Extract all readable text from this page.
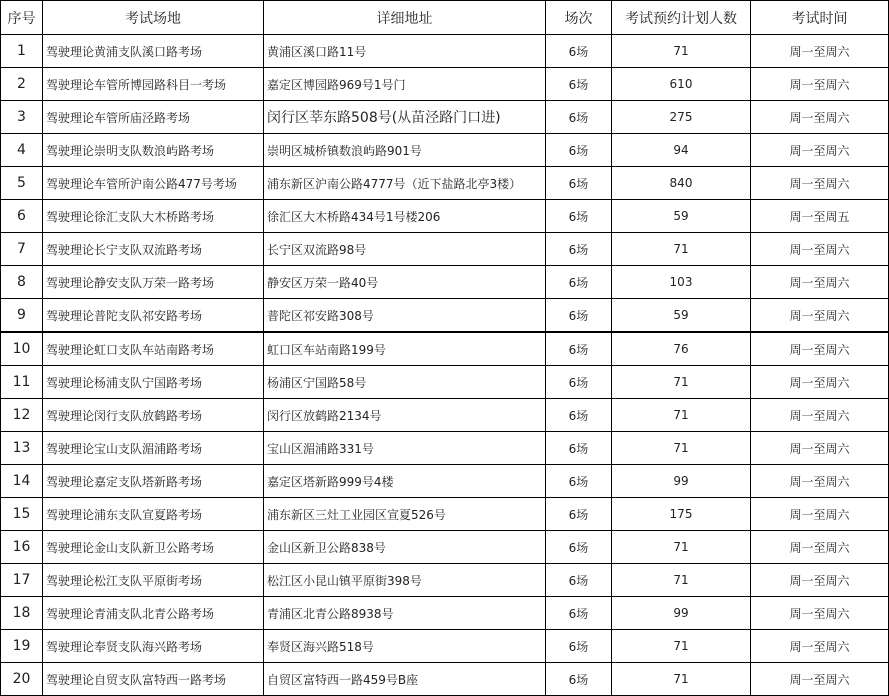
序号	考试场地	详细地址	场次	考试预约计划人数	考试时间
1	驾驶理论黄浦支队溪口路考场	黄浦区溪口路11号	6场	71	周一至周六
2	驾驶理论车管所博园路科目一考场	嘉定区博园路969号1号门	6场	610	周一至周六
3	驾驶理论车管所庙泾路考场	闵行区莘东路508号(从苗泾路门口进)	6场	275	周一至周六
4	驾驶理论崇明支队数浪屿路考场	崇明区城桥镇数浪屿路901号	6场	94	周一至周六
5	驾驶理论车管所沪南公路477号考场	浦东新区沪南公路4777号（近下盐路北亭3楼）	6场	840	周一至周六
6	驾驶理论徐汇支队大木桥路考场	徐汇区大木桥路434号1号楼206	6场	59	周一至周五
7	驾驶理论长宁支队双流路考场	长宁区双流路98号	6场	71	周一至周六
8	驾驶理论静安支队万荣一路考场	静安区万荣一路40号	6场	103	周一至周六
9	驾驶理论普陀支队祁安路考场	普陀区祁安路308号	6场	59	周一至周六
10	驾驶理论虹口支队车站南路考场	虹口区车站南路199号	6场	76	周一至周六
11	驾驶理论杨浦支队宁国路考场	杨浦区宁国路58号	6场	71	周一至周六
12	驾驶理论闵行支队放鹤路考场	闵行区放鹤路2134号	6场	71	周一至周六
13	驾驶理论宝山支队湄浦路考场	宝山区湄浦路331号	6场	71	周一至周六
14	驾驶理论嘉定支队塔新路考场	嘉定区塔新路999号4楼	6场	99	周一至周六
15	驾驶理论浦东支队宣夏路考场	浦东新区三灶工业园区宣夏526号	6场	175	周一至周六
16	驾驶理论金山支队新卫公路考场	金山区新卫公路838号	6场	71	周一至周六
17	驾驶理论松江支队平原街考场	松江区小昆山镇平原街398号	6场	71	周一至周六
18	驾驶理论青浦支队北青公路考场	青浦区北青公路8938号	6场	99	周一至周六
19	驾驶理论奉贤支队海兴路考场	奉贤区海兴路518号	6场	71	周一至周六
20	驾驶理论自贸支队富特西一路考场	自贸区富特西一路459号B座	6场	71	周一至周六
